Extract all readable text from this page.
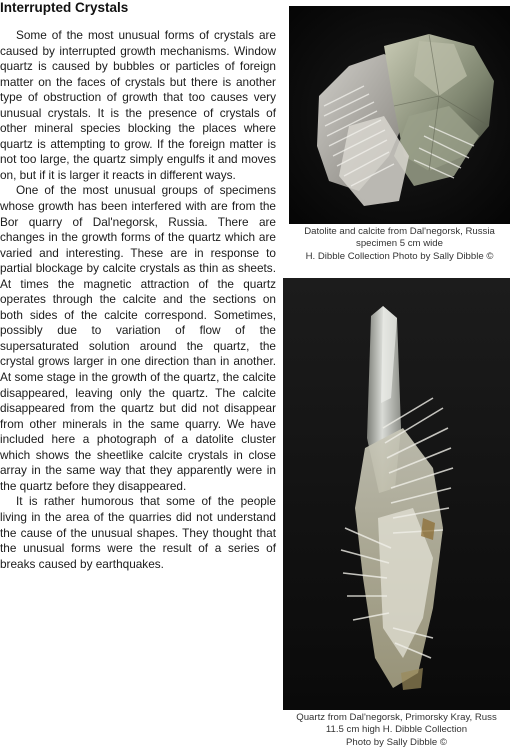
Interrupted Crystals

Some of the most unusual forms of crystals are caused by interrupted growth mechanisms. Window quartz is caused by bubbles or particles of foreign matter on the faces of crystals but there is another type of obstruction of growth that too causes very unusual crystals. It is the presence of crystals of other mineral species blocking the places where quartz is attempting to grow. If the foreign matter is not too large, the quartz simply engulfs it and moves on, but if it is larger it reacts in different ways.

One of the most unusual groups of specimens whose growth has been interfered with are from the Bor quarry of Dal'negorsk, Russia. There are changes in the growth forms of the quartz which are varied and interesting. These are in response to partial blockage by calcite crystals as thin as sheets. At times the magnetic attraction of the quartz operates through the calcite and the sections on both sides of the calcite correspond. Sometimes, possibly due to variation of flow of the supersaturated solution around the quartz, the crystal grows larger in one direction than in another. At some stage in the growth of the quartz, the calcite disappeared, leaving only the quartz. The calcite disappeared from the quartz but did not disappear from other minerals in the same quarry. We have included here a photograph of a datolite cluster which shows the sheetlike calcite crystals in close array in the same way that they apparently were in the quartz before they disappeared.

It is rather humorous that some of the people living in the area of the quarries did not understand the cause of the unusual shapes. They thought that the unusual forms were the result of a series of breaks caused by earthquakes.

Datolite and calcite from Dal'negorsk, Russia
specimen 5 cm wide
H. Dibble Collection Photo by Sally Dibble ©
Quartz from Dal'negorsk, Primorsky Kray, Russ
11.5 cm high H. Dibble Collection
Photo by Sally Dibble ©
